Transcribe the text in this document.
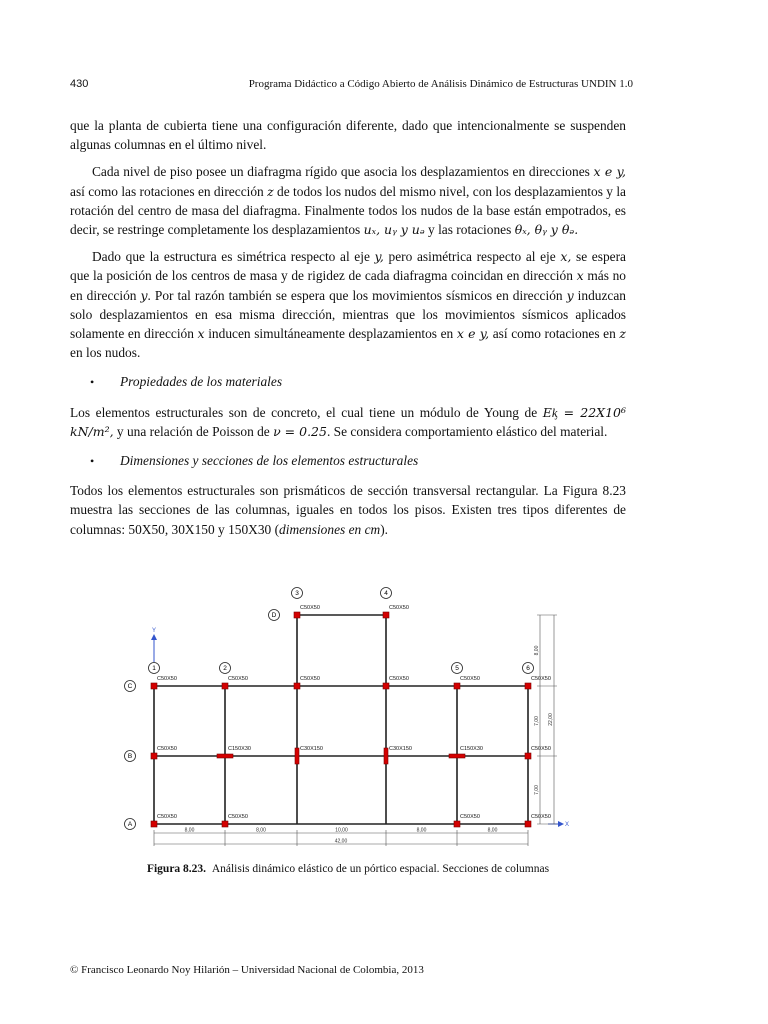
430	Programa Didáctico a Código Abierto de Análisis Dinámico de Estructuras UNDIN 1.0

que la planta de cubierta tiene una configuración diferente, dado que intencionalmente se suspenden algunas columnas en el último nivel.

Cada nivel de piso posee un diafragma rígido que asocia los desplazamientos en direcciones x e y, así como las rotaciones en dirección z de todos los nudos del mismo nivel, con los desplazamientos y la rotación del centro de masa del diafragma. Finalmente todos los nudos de la base están empotrados, es decir, se restringe completamente los desplazamientos uₓ, uᵧ y uₔ y las rotaciones θₓ, θᵧ y θₔ.

Dado que la estructura es simétrica respecto al eje y, pero asimétrica respecto al eje x, se espera que la posición de los centros de masa y de rigidez de cada diafragma coincidan en dirección x más no en dirección y. Por tal razón también se espera que los movimientos sísmicos en dirección y induzcan solo desplazamientos en esa misma dirección, mientras que los movimientos sísmicos aplicados solamente en dirección x inducen simultáneamente desplazamientos en x e y, así como rotaciones en z en los nudos.

•	Propiedades de los materiales

Los elementos estructurales son de concreto, el cual tiene un módulo de Young de Eᶄ = 22X10⁶ kN/m², y una relación de Poisson de ν = 0.25. Se considera comportamiento elástico del material.

•	Dimensiones y secciones de los elementos estructurales

Todos los elementos estructurales son prismáticos de sección transversal rectangular. La Figura 8.23 muestra las secciones de las columnas, iguales en todos los pisos. Existen tres tipos diferentes de columnas: 50X50, 30X150 y 150X30 (dimensiones en cm).

C50X50	C50X50	C50X50	C50X50
C50X50	C50X50	C50X50	C50X50	C50X50	C50X50
C50X50	C50X50
C50X50	C50X50
C150X30	C150X30
C30X150	C30X150
A
B
C
D
1	2
3	4
5	6
Y
X
8,00	8,00	10,00	8,00	8,00
42,00
7,00
7,00
8,00
22,00
Figura 8.23. Análisis dinámico elástico de un pórtico espacial. Secciones de columnas
© Francisco Leonardo Noy Hilarión – Universidad Nacional de Colombia, 2013
